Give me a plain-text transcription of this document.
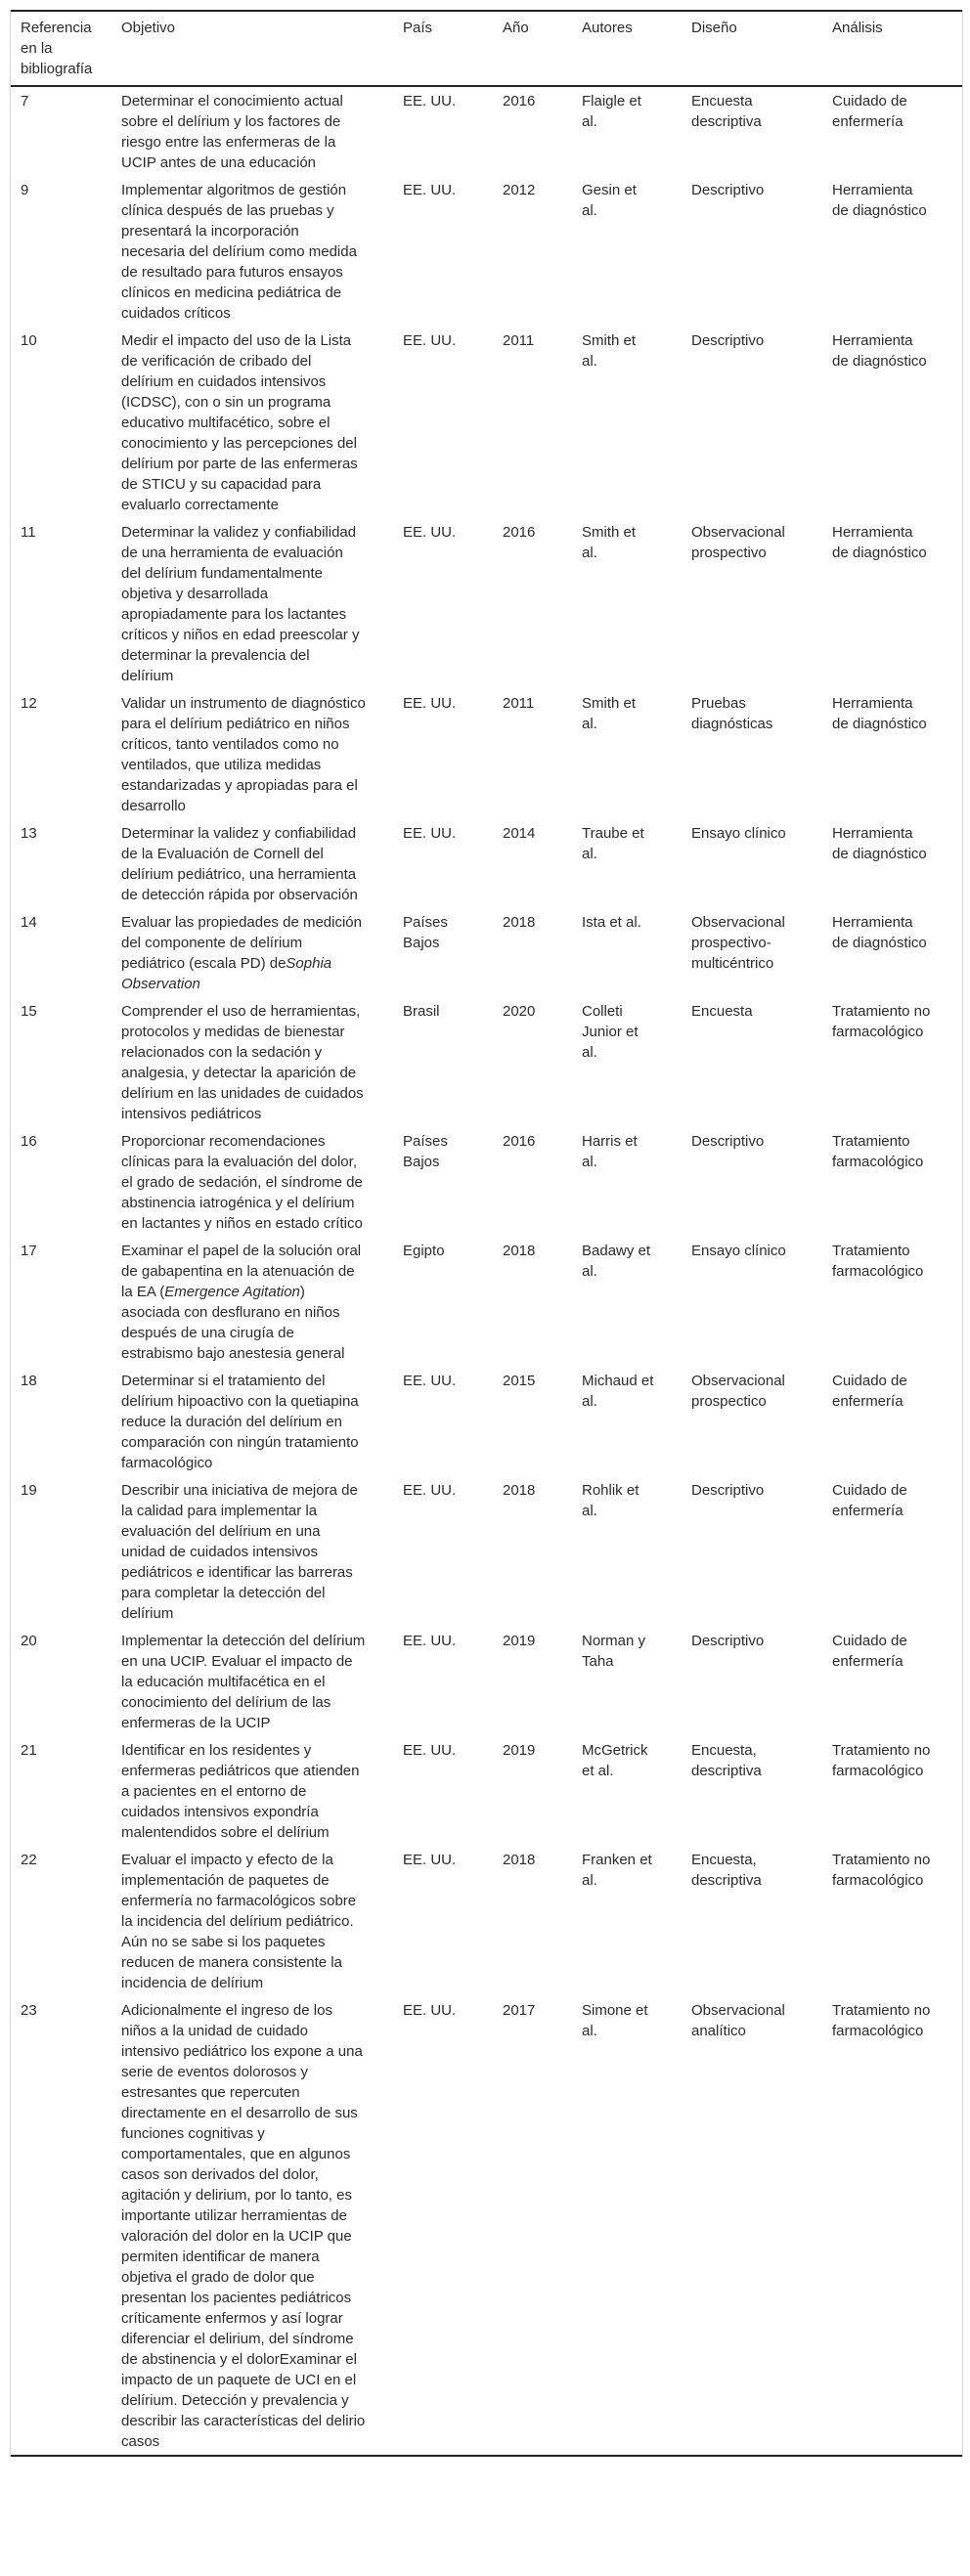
Referencia en la bibliografía	Objetivo	País	Año	Autores	Diseño	Análisis
7	Determinar el conocimiento actual sobre el delírium y los factores de riesgo entre las enfermeras de la UCIP antes de una educación	EE. UU.	2016	Flaigle et al.	Encuesta descriptiva	Cuidado de enfermería
9	Implementar algoritmos de gestión clínica después de las pruebas y presentará la incorporación necesaria del delírium como medida de resultado para futuros ensayos clínicos en medicina pediátrica de cuidados críticos	EE. UU.	2012	Gesin et al.	Descriptivo	Herramienta de diagnóstico
10	Medir el impacto del uso de la Lista de verificación de cribado del delírium en cuidados intensivos (ICDSC), con o sin un programa educativo multifacético, sobre el conocimiento y las percepciones del delírium por parte de las enfermeras de STICU y su capacidad para evaluarlo correctamente	EE. UU.	2011	Smith et al.	Descriptivo	Herramienta de diagnóstico
11	Determinar la validez y confiabilidad de una herramienta de evaluación del delírium fundamentalmente objetiva y desarrollada apropiadamente para los lactantes críticos y niños en edad preescolar y determinar la prevalencia del delírium	EE. UU.	2016	Smith et al.	Observacional prospectivo	Herramienta de diagnóstico
12	Validar un instrumento de diagnóstico para el delírium pediátrico en niños críticos, tanto ventilados como no ventilados, que utiliza medidas estandarizadas y apropiadas para el desarrollo	EE. UU.	2011	Smith et al.	Pruebas diagnósticas	Herramienta de diagnóstico
13	Determinar la validez y confiabilidad de la Evaluación de Cornell del delírium pediátrico, una herramienta de detección rápida por observación	EE. UU.	2014	Traube et al.	Ensayo clínico	Herramienta de diagnóstico
14	Evaluar las propiedades de medición del componente de delírium pediátrico (escala PD) deSophia Observation	Países Bajos	2018	Ista et al.	Observacional prospectivo-multicéntrico	Herramienta de diagnóstico
15	Comprender el uso de herramientas, protocolos y medidas de bienestar relacionados con la sedación y analgesia, y detectar la aparición de delírium en las unidades de cuidados intensivos pediátricos	Brasil	2020	Colleti Junior et al.	Encuesta	Tratamiento no farmacológico
16	Proporcionar recomendaciones clínicas para la evaluación del dolor, el grado de sedación, el síndrome de abstinencia iatrogénica y el delírium en lactantes y niños en estado crítico	Países Bajos	2016	Harris et al.	Descriptivo	Tratamiento farmacológico
17	Examinar el papel de la solución oral de gabapentina en la atenuación de la EA (Emergence Agitation) asociada con desflurano en niños después de una cirugía de estrabismo bajo anestesia general	Egipto	2018	Badawy et al.	Ensayo clínico	Tratamiento farmacológico
18	Determinar si el tratamiento del delírium hipoactivo con la quetiapina reduce la duración del delírium en comparación con ningún tratamiento farmacológico	EE. UU.	2015	Michaud et al.	Observacional prospectico	Cuidado de enfermería
19	Describir una iniciativa de mejora de la calidad para implementar la evaluación del delírium en una unidad de cuidados intensivos pediátricos e identificar las barreras para completar la detección del delírium	EE. UU.	2018	Rohlik et al.	Descriptivo	Cuidado de enfermería
20	Implementar la detección del delírium en una UCIP. Evaluar el impacto de la educación multifacética en el conocimiento del delírium de las enfermeras de la UCIP	EE. UU.	2019	Norman y Taha	Descriptivo	Cuidado de enfermería
21	Identificar en los residentes y enfermeras pediátricos que atienden a pacientes en el entorno de cuidados intensivos expondría malentendidos sobre el delírium	EE. UU.	2019	McGetrick et al.	Encuesta, descriptiva	Tratamiento no farmacológico
22	Evaluar el impacto y efecto de la implementación de paquetes de enfermería no farmacológicos sobre la incidencia del delírium pediátrico. Aún no se sabe si los paquetes reducen de manera consistente la incidencia de delírium	EE. UU.	2018	Franken et al.	Encuesta, descriptiva	Tratamiento no farmacológico
23	Adicionalmente el ingreso de los niños a la unidad de cuidado intensivo pediátrico los expone a una serie de eventos dolorosos y estresantes que repercuten directamente en el desarrollo de sus funciones cognitivas y comportamentales, que en algunos casos son derivados del dolor, agitación y delirium, por lo tanto, es importante utilizar herramientas de valoración del dolor en la UCIP que permiten identificar de manera objetiva el grado de dolor que presentan los pacientes pediátricos críticamente enfermos y así lograr diferenciar el delirium, del síndrome de abstinencia y el dolorExaminar el impacto de un paquete de UCI en el delírium. Detección y prevalencia y describir las características del delirio casos	EE. UU.	2017	Simone et al.	Observacional analítico	Tratamiento no farmacológico
